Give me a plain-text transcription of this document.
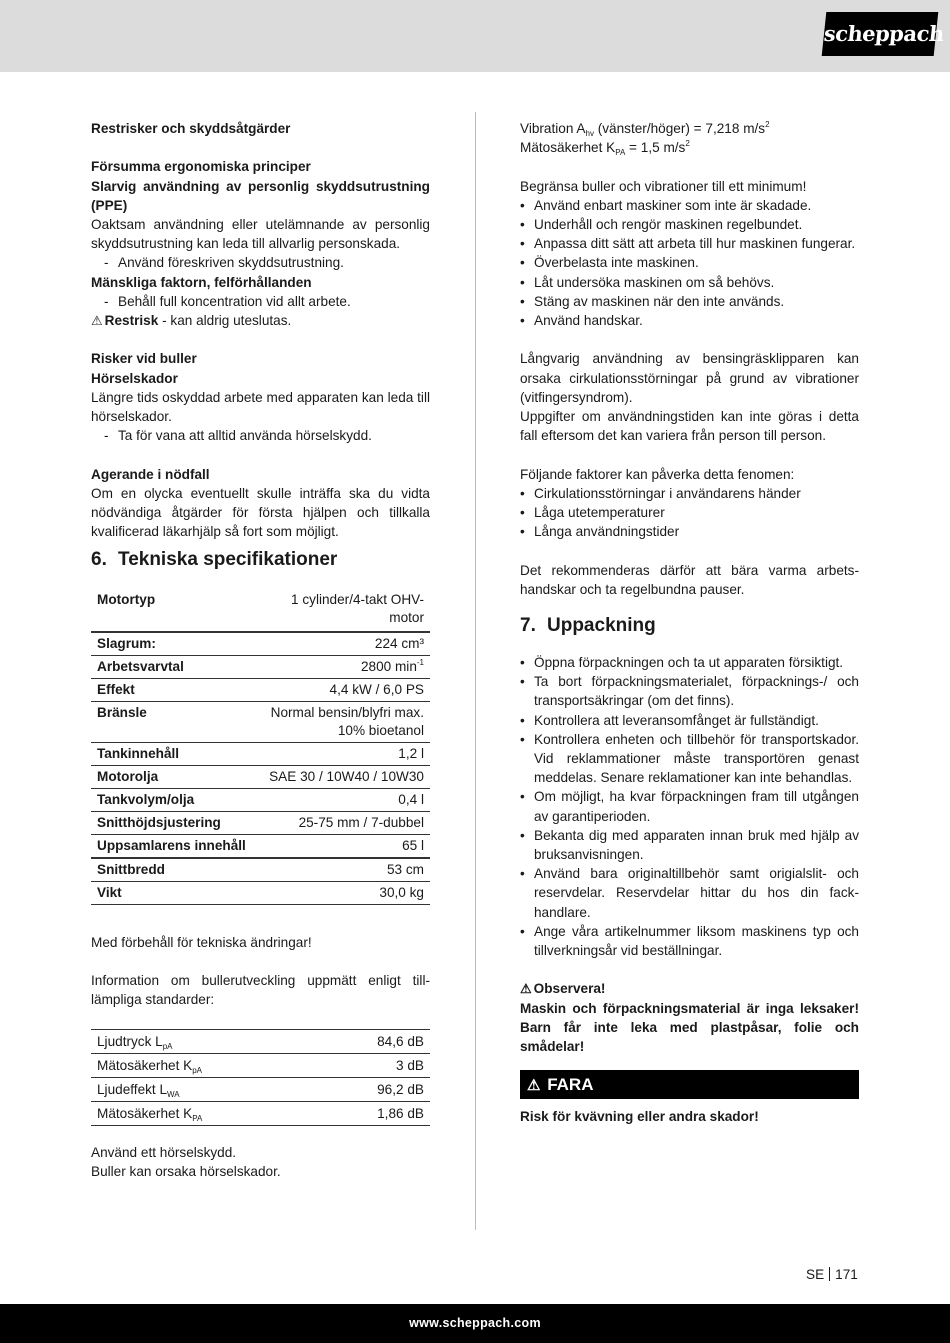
scheppach

Restrisker och skyddsåtgärder

Försumma ergonomiska principer

Slarvig användning av personlig skyddsutrustning (PPE)

Oaktsam användning eller utelämnande av personlig skyddsutrustning kan leda till allvarlig personskada.

- Använd föreskriven skyddsutrustning.

Mänskliga faktorn, felförhållanden

- Behåll full koncentration vid allt arbete.

⚠ Restrisk - kan aldrig uteslutas.

Risker vid buller

Hörselskador

Längre tids oskyddad arbete med apparaten kan leda till hörselskador.

- Ta för vana att alltid använda hörselskydd.

Agerande i nödfall

Om en olycka eventuellt skulle inträffa ska du vidta nödvändiga åtgärder för första hjälpen och tillkalla kvalificerad läkarhjälp så fort som möjligt.

6. Tekniska specifikationer
Motortyp	1 cylinder/4-takt OHV-motor
Slagrum:	224 cm³
Arbetsvarvtal	2800 $\min^{-1}$
Effekt	4,4 kW / 6,0 PS
Bränsle	Normal bensin/blyfri max. 10% bioetanol
Tankinnehåll	1,2 l
Motorolja	SAE 30 / 10W40 / 10W30
Tankvolym/olja	0,4 l
Snitthöjdsjustering	25-75 mm / 7-dubbel
Uppsamlarens innehåll	65 l
Snittbredd	53 cm
Vikt	30,0 kg

Med förbehåll för tekniska ändringar!

Information om bullerutveckling uppmätt enligt tilllämpliga standarder:

Ljudtryck $L_{pA}$	84,6 dB
Mätosäkerhet $K_{pA}$	3 dB
Ljudeffekt $L_{WA}$	96,2 dB
Mätosäkerhet $K_{PA}$	1,86 dB

Använd ett hörselskydd.

Buller kan orsaka hörselskador.

Vibration $A_{hv}$ (vänster/höger) = 7,218 $m/s^2$

Mätosäkerhet $K_{PA} = 1,5$ $m/s^2$

Begränsa buller och vibrationer till ett minimum!

• Använd enbart maskiner som inte är skadade.
• Underhåll och rengör maskinen regelbundet.
• Anpassa ditt sätt att arbeta till hur maskinen fungerar.
• Överbelasta inte maskinen.
• Låt undersöka maskinen om så behövs.
• Stäng av maskinen när den inte används.
• Använd handskar.

Långvarig användning av bensingräsklipparen kan orsaka cirkulationsstörningar på grund av vibrationer (vitfingersyndrom).

Uppgifter om användningstiden kan inte göras i detta fall eftersom det kan variera från person till person.

Följande faktorer kan påverka detta fenomen:

• Cirkulationsstörningar i användarens händer
• Låga utetemperaturer
• Långa användningstider

Det rekommenderas därför att bära varma arbetshandskar och ta regelbundna pauser.

7. Uppackning
• Öppna förpackningen och ta ut apparaten försiktigt.
• Ta bort förpackningsmaterialet, förpacknings-/ och transportsäkringar (om det finns).
• Kontrollera att leveransomfånget är fullständigt.
• Kontrollera enheten och tillbehör för transportskador. Vid reklammationer måste transportören genast meddelas. Senare reklamationer kan inte behandlas.
• Om möjligt, ha kvar förpackningen fram till utgången av garantiperioden.
• Bekanta dig med apparaten innan bruk med hjälp av bruksanvisningen.
• Använd bara originaltillbehör samt origialslit- och reservdelar. Reservdelar hittar du hos din fackhandlare.
• Ange våra artikelnummer liksom maskinens typ och tillverkningsår vid beställningar.

⚠ Observera!

Maskin och förpackningsmaterial är inga leksaker! Barn får inte leka med plastpåsar, folie och smådelar!

⚠ FARA

Risk för kvävning eller andra skador!

SE 171
www.scheppach.com
